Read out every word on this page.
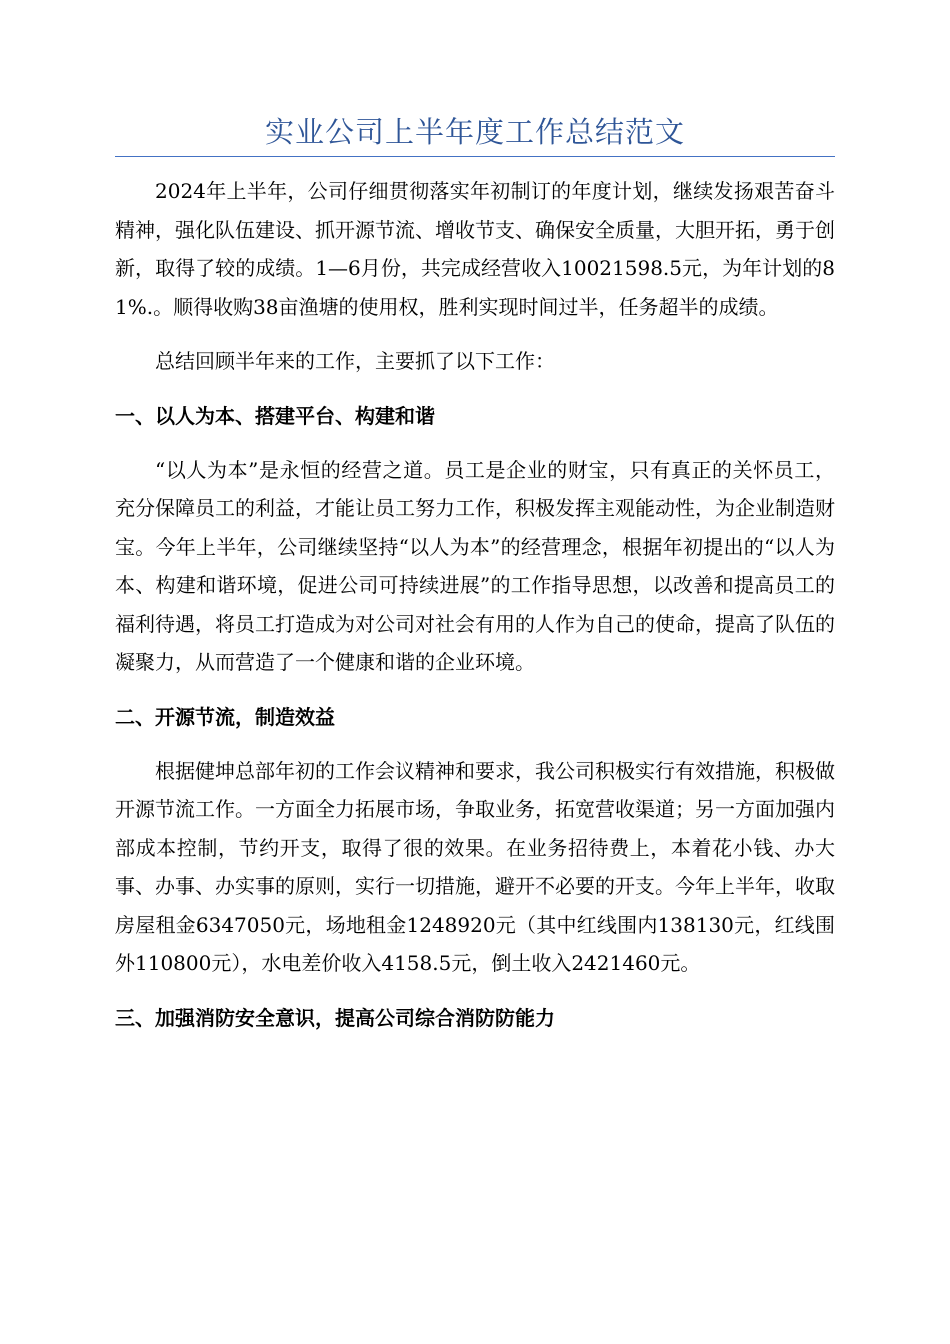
实业公司上半年度工作总结范文

2024年上半年，公司仔细贯彻落实年初制订的年度计划，继续发扬艰苦奋斗精神，强化队伍建设、抓开源节流、增收节支、确保安全质量，大胆开拓，勇于创新，取得了较的成绩。1—6月份，共完成经营收入10021598.5元，为年计划的81%.。顺得收购38亩渔塘的使用权，胜利实现时间过半，任务超半的成绩。

总结回顾半年来的工作，主要抓了以下工作：

一、以人为本、搭建平台、构建和谐

“以人为本”是永恒的经营之道。员工是企业的财宝，只有真正的关怀员工，充分保障员工的利益，才能让员工努力工作，积极发挥主观能动性，为企业制造财宝。今年上半年，公司继续坚持“以人为本”的经营理念，根据年初提出的“以人为本、构建和谐环境，促进公司可持续进展”的工作指导思想，以改善和提高员工的福利待遇，将员工打造成为对公司对社会有用的人作为自己的使命，提高了队伍的凝聚力，从而营造了一个健康和谐的企业环境。

二、开源节流，制造效益

根据健坤总部年初的工作会议精神和要求，我公司积极实行有效措施，积极做开源节流工作。一方面全力拓展市场，争取业务，拓宽营收渠道；另一方面加强内部成本控制，节约开支，取得了很的效果。在业务招待费上，本着花小钱、办大事、办事、办实事的原则，实行一切措施，避开不必要的开支。今年上半年，收取房屋租金6347050元，场地租金1248920元（其中红线围内138130元，红线围外110800元），水电差价收入4158.5元，倒土收入2421460元。

三、加强消防安全意识，提高公司综合消防防能力
